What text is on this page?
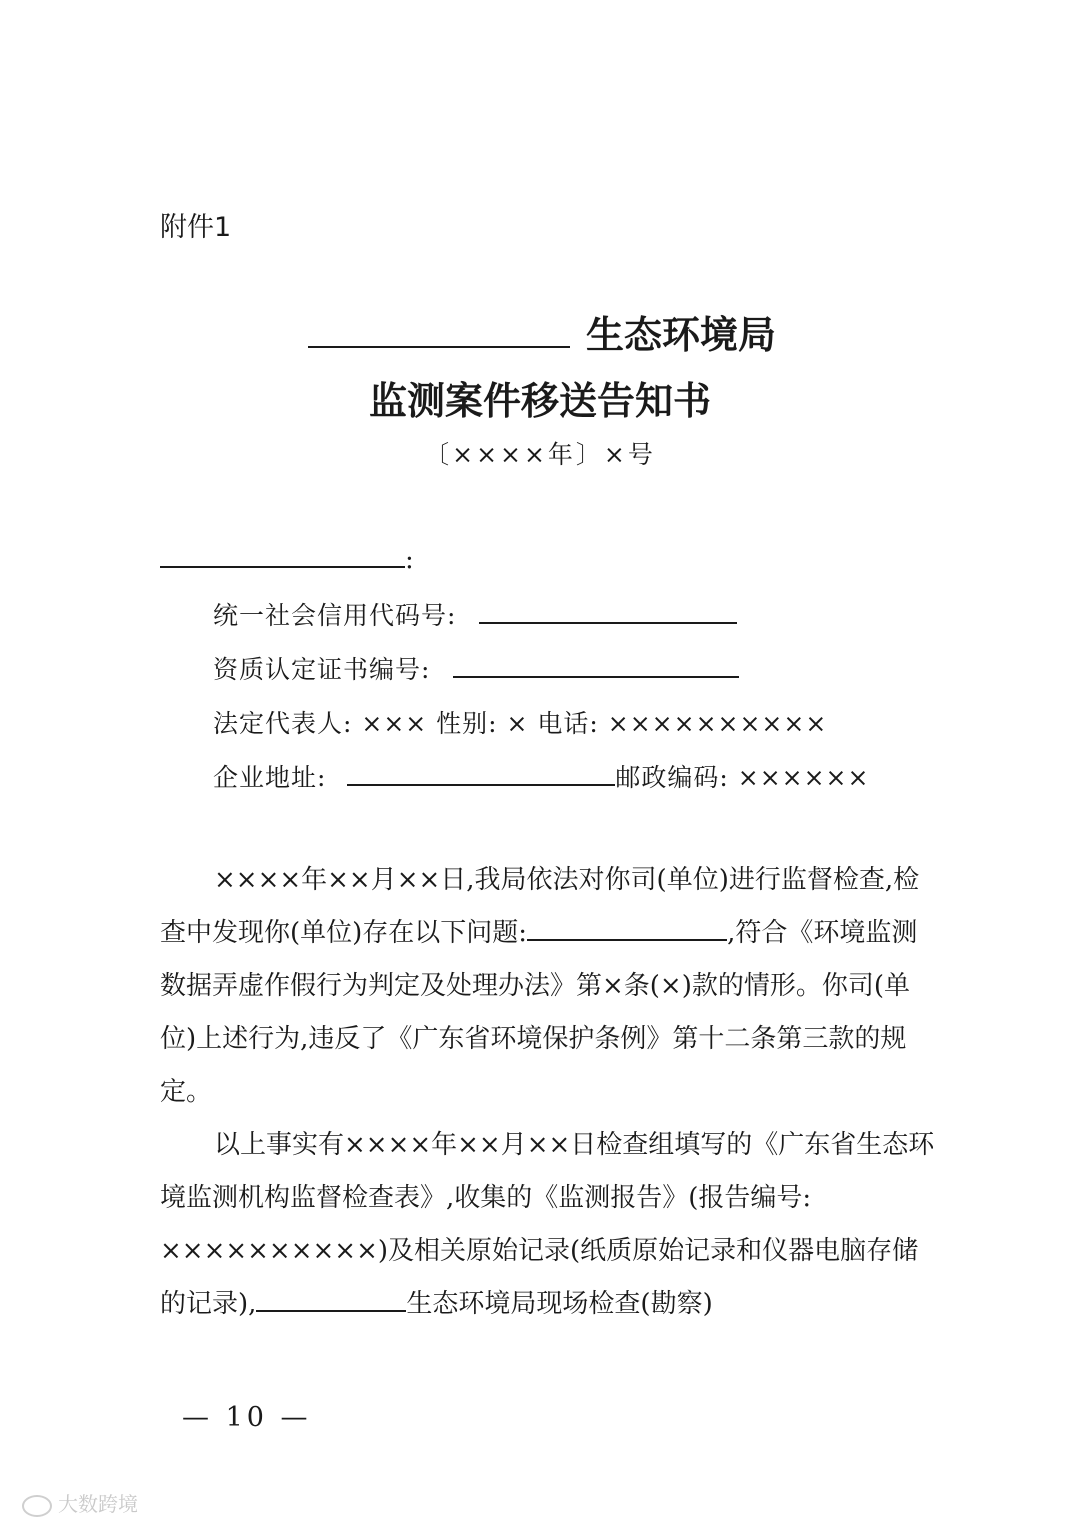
附件1
生态环境局
监测案件移送告知书
〔××××年〕×号
:
统一社会信用代码号:
资质认定证书编号:
法定代表人: ××× 性别: × 电话: ××××××××××
企业地址:	邮政编码: ××××××
××××年××月××日,我局依法对你司(单位)进行监督检查,检查中发现你(单位)存在以下问题:	,符合《环境监测数据弄虚作假行为判定及处理办法》第×条(×)款的情形。你司(单位)上述行为,违反了《广东省环境保护条例》第十二条第三款的规定。
以上事实有××××年××月××日检查组填写的《广东省生态环境监测机构监督检查表》,收集的《监测报告》(报告编号: ××××××××××)及相关原始记录(纸质原始记录和仪器电脑存储的记录),	生态环境局现场检查(勘察)
— 10 —
大数跨境
